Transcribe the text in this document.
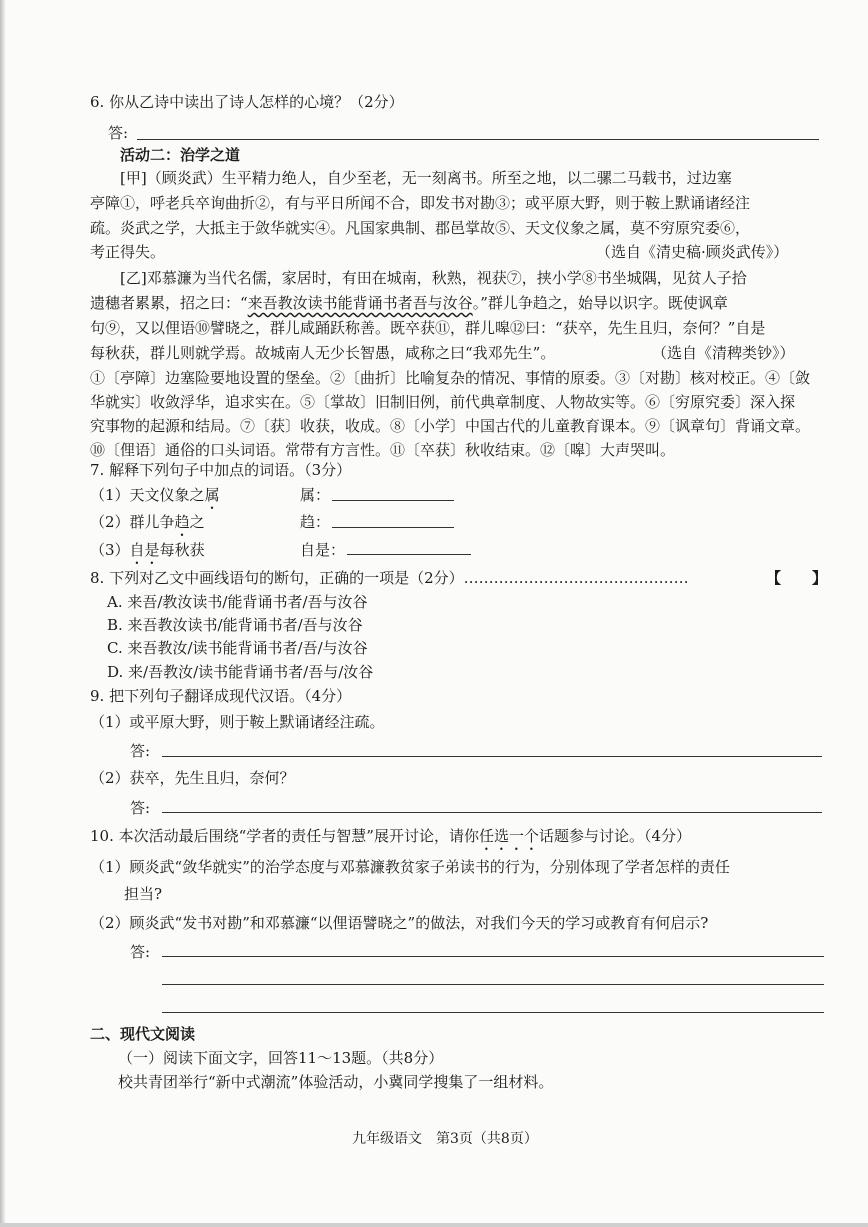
6. 你从乙诗中读出了诗人怎样的心境？（2分）
答:
活动二：治学之道
[甲]（顾炎武）生平精力绝人，自少至老，无一刻离书。所至之地，以二骡二马载书，过边塞
亭障①，呼老兵卒询曲折②，有与平日所闻不合，即发书对勘③；或平原大野，则于鞍上默诵诸经注
疏。炎武之学，大抵主于敛华就实④。凡国家典制、郡邑掌故⑤、天文仪象之属，莫不穷原究委⑥，
考正得失。	（选自《清史稿·顾炎武传》）
[乙]邓慕濂为当代名儒，家居时，有田在城南，秋熟，视获⑦，挟小学⑧书坐城隅，见贫人子拾
遗穗者累累，招之曰：“来吾教汝读书能背诵书者吾与汝谷。”群儿争趋之，始导以识字。既使讽章
句⑨，又以俚语⑩譬晓之，群儿咸踊跃称善。既卒获⑪，群儿嗥⑫曰：“获卒，先生且归，奈何？”自是
每秋获，群儿则就学焉。故城南人无少长智愚，咸称之曰“我邓先生”。	（选自《清稗类钞》）
①〔亭障〕边塞险要地设置的堡垒。②〔曲折〕比喻复杂的情况、事情的原委。③〔对勘〕核对校正。④〔敛
华就实〕收敛浮华，追求实在。⑤〔掌故〕旧制旧例，前代典章制度、人物故实等。⑥〔穷原究委〕深入探
究事物的起源和结局。⑦〔获〕收获，收成。⑧〔小学〕中国古代的儿童教育课本。⑨〔讽章句〕背诵文章。
⑩〔俚语〕通俗的口头词语。常带有方言性。⑪〔卒获〕秋收结束。⑫〔嗥〕大声哭叫。
7. 解释下列句子中加点的词语。（3分）
（1）天文仪象之属	属：
（2）群儿争趋之	趋：
（3）自是每秋获	自是：
8. 下列对乙文中画线语句的断句，正确的一项是（2分）………………………………………	【 】
A. 来吾/教汝读书/能背诵书者/吾与汝谷
B. 来吾教汝读书/能背诵书者/吾与汝谷
C. 来吾教汝/读书能背诵书者/吾/与汝谷
D. 来/吾教汝/读书能背诵书者/吾与/汝谷
9. 把下列句子翻译成现代汉语。（4分）
（1）或平原大野，则于鞍上默诵诸经注疏。
答:
（2）获卒，先生且归，奈何？
答:
10. 本次活动最后围绕“学者的责任与智慧”展开讨论，请你任选一个话题参与讨论。（4分）
（1）顾炎武“敛华就实”的治学态度与邓慕濂教贫家子弟读书的行为，分别体现了学者怎样的责任
担当?
（2）顾炎武“发书对勘”和邓慕濂“以俚语譬晓之”的做法，对我们今天的学习或教育有何启示?
答:
二、现代文阅读
（一）阅读下面文字，回答11～13题。（共8分）
校共青团举行“新中式潮流”体验活动，小冀同学搜集了一组材料。
九年级语文　第3页（共8页）
